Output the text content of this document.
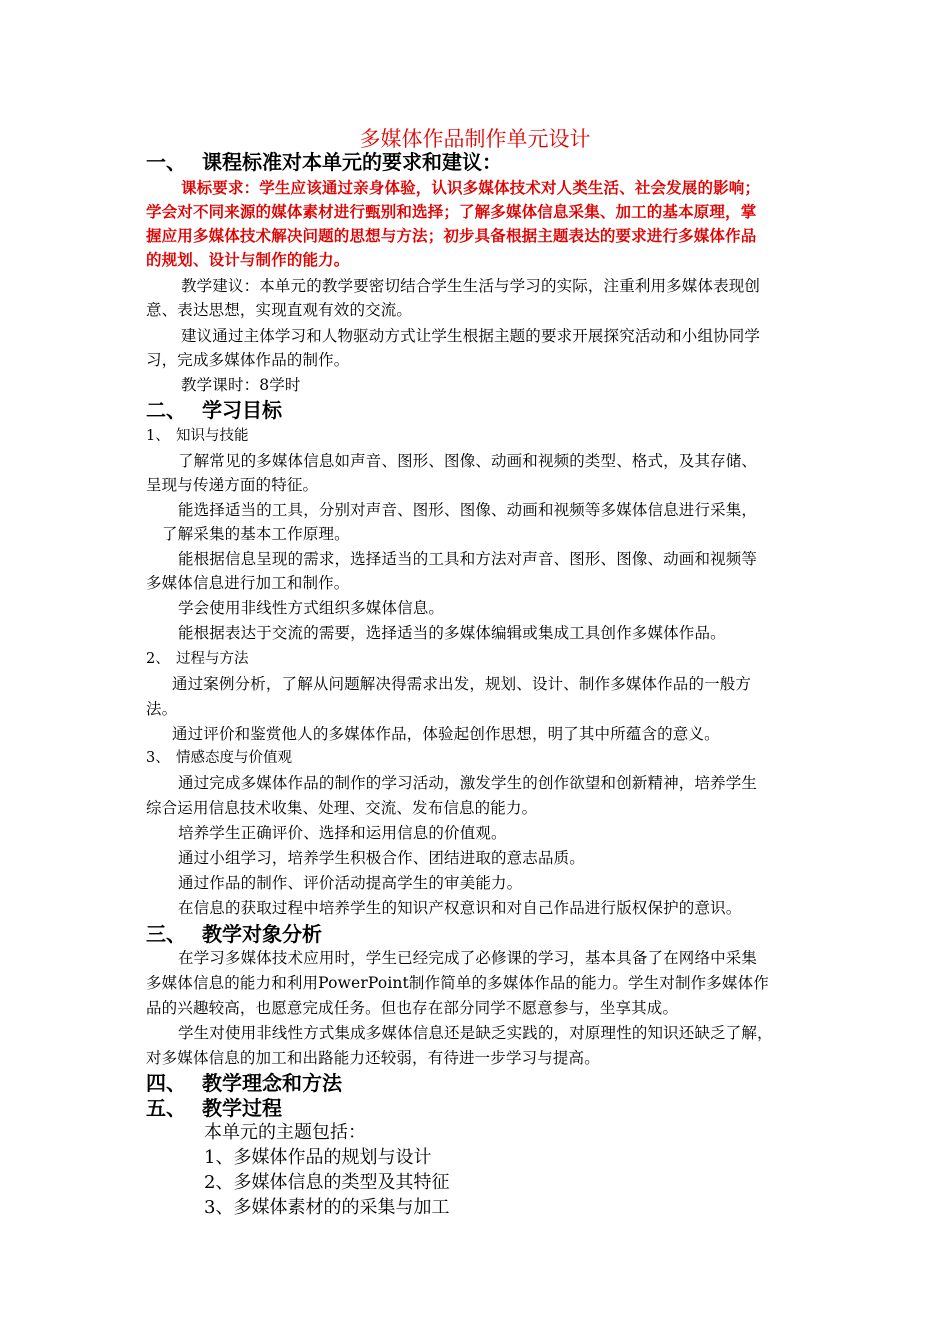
多媒体作品制作单元设计
一、 课程标准对本单元的要求和建议：
课标要求：学生应该通过亲身体验，认识多媒体技术对人类生活、社会发展的影响；
学会对不同来源的媒体素材进行甄别和选择；了解多媒体信息采集、加工的基本原理，掌
握应用多媒体技术解决问题的思想与方法；初步具备根据主题表达的要求进行多媒体作品
的规划、设计与制作的能力。
教学建议：本单元的教学要密切结合学生生活与学习的实际，注重利用多媒体表现创
意、表达思想，实现直观有效的交流。
建议通过主体学习和人物驱动方式让学生根据主题的要求开展探究活动和小组协同学
习，完成多媒体作品的制作。
教学课时：8学时
二、 学习目标
1、 知识与技能
了解常见的多媒体信息如声音、图形、图像、动画和视频的类型、格式，及其存储、
呈现与传递方面的特征。
能选择适当的工具，分别对声音、图形、图像、动画和视频等多媒体信息进行采集，
了解采集的基本工作原理。
能根据信息呈现的需求，选择适当的工具和方法对声音、图形、图像、动画和视频等
多媒体信息进行加工和制作。
学会使用非线性方式组织多媒体信息。
能根据表达于交流的需要，选择适当的多媒体编辑或集成工具创作多媒体作品。
2、 过程与方法
通过案例分析，了解从问题解决得需求出发，规划、设计、制作多媒体作品的一般方
法。
通过评价和鉴赏他人的多媒体作品，体验起创作思想，明了其中所蕴含的意义。
3、 情感态度与价值观
通过完成多媒体作品的制作的学习活动，激发学生的创作欲望和创新精神，培养学生
综合运用信息技术收集、处理、交流、发布信息的能力。
培养学生正确评价、选择和运用信息的价值观。
通过小组学习，培养学生积极合作、团结进取的意志品质。
通过作品的制作、评价活动提高学生的审美能力。
在信息的获取过程中培养学生的知识产权意识和对自己作品进行版权保护的意识。
三、 教学对象分析
在学习多媒体技术应用时，学生已经完成了必修课的学习，基本具备了在网络中采集
多媒体信息的能力和利用PowerPoint制作简单的多媒体作品的能力。学生对制作多媒体作
品的兴趣较高，也愿意完成任务。但也存在部分同学不愿意参与，坐享其成。
学生对使用非线性方式集成多媒体信息还是缺乏实践的，对原理性的知识还缺乏了解，
对多媒体信息的加工和出路能力还较弱，有待进一步学习与提高。
四、 教学理念和方法
五、 教学过程
本单元的主题包括：
1、多媒体作品的规划与设计
2、多媒体信息的类型及其特征
3、多媒体素材的的采集与加工
